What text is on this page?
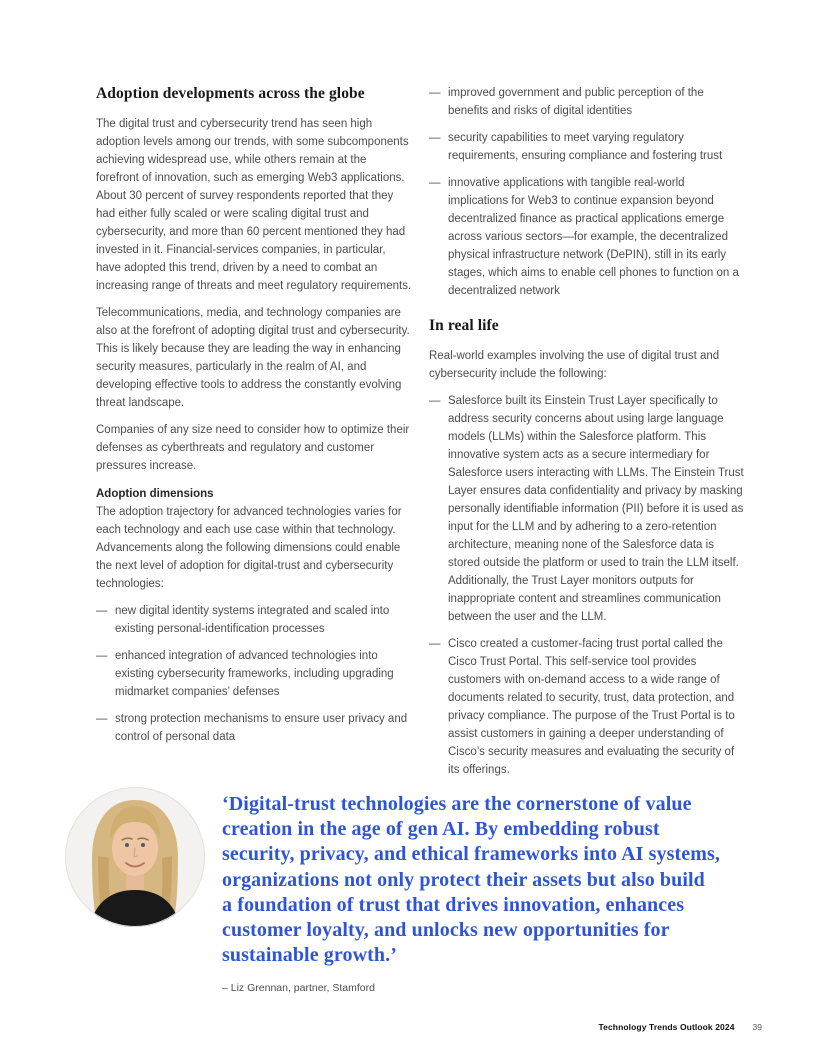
Adoption developments across the globe

The digital trust and cybersecurity trend has seen high adoption levels among our trends, with some subcomponents achieving widespread use, while others remain at the forefront of innovation, such as emerging Web3 applications. About 30 percent of survey respondents reported that they had either fully scaled or were scaling digital trust and cybersecurity, and more than 60 percent mentioned they had invested in it. Financial-services companies, in particular, have adopted this trend, driven by a need to combat an increasing range of threats and meet regulatory requirements.

Telecommunications, media, and technology companies are also at the forefront of adopting digital trust and cybersecurity. This is likely because they are leading the way in enhancing security measures, particularly in the realm of AI, and developing effective tools to address the constantly evolving threat landscape.

Companies of any size need to consider how to optimize their defenses as cyberthreats and regulatory and customer pressures increase.

Adoption dimensions

The adoption trajectory for advanced technologies varies for each technology and each use case within that technology. Advancements along the following dimensions could enable the next level of adoption for digital-trust and cybersecurity technologies:

— new digital identity systems integrated and scaled into existing personal-identification processes
— enhanced integration of advanced technologies into existing cybersecurity frameworks, including upgrading midmarket companies’ defenses
— strong protection mechanisms to ensure user privacy and control of personal data
— improved government and public perception of the benefits and risks of digital identities
— security capabilities to meet varying regulatory requirements, ensuring compliance and fostering trust
— innovative applications with tangible real-world implications for Web3 to continue expansion beyond decentralized finance as practical applications emerge across various sectors—for example, the decentralized physical infrastructure network (DePIN), still in its early stages, which aims to enable cell phones to function on a decentralized network
In real life

Real-world examples involving the use of digital trust and cybersecurity include the following:

— Salesforce built its Einstein Trust Layer specifically to address security concerns about using large language models (LLMs) within the Salesforce platform. This innovative system acts as a secure intermediary for Salesforce users interacting with LLMs. The Einstein Trust Layer ensures data confidentiality and privacy by masking personally identifiable information (PII) before it is used as input for the LLM and by adhering to a zero-retention architecture, meaning none of the Salesforce data is stored outside the platform or used to train the LLM itself. Additionally, the Trust Layer monitors outputs for inappropriate content and streamlines communication between the user and the LLM.
— Cisco created a customer-facing trust portal called the Cisco Trust Portal. This self-service tool provides customers with on-demand access to a wide range of documents related to security, trust, data protection, and privacy compliance. The purpose of the Trust Portal is to assist customers in gaining a deeper understanding of Cisco’s security measures and evaluating the security of its offerings.
‘Digital-trust technologies are the cornerstone of value
creation in the age of gen AI. By embedding robust
security, privacy, and ethical frameworks into AI systems,
organizations not only protect their assets but also build
a foundation of trust that drives innovation, enhances
customer loyalty, and unlocks new opportunities for
sustainable growth.’
– Liz Grennan, partner, Stamford
Technology Trends Outlook 2024 39
